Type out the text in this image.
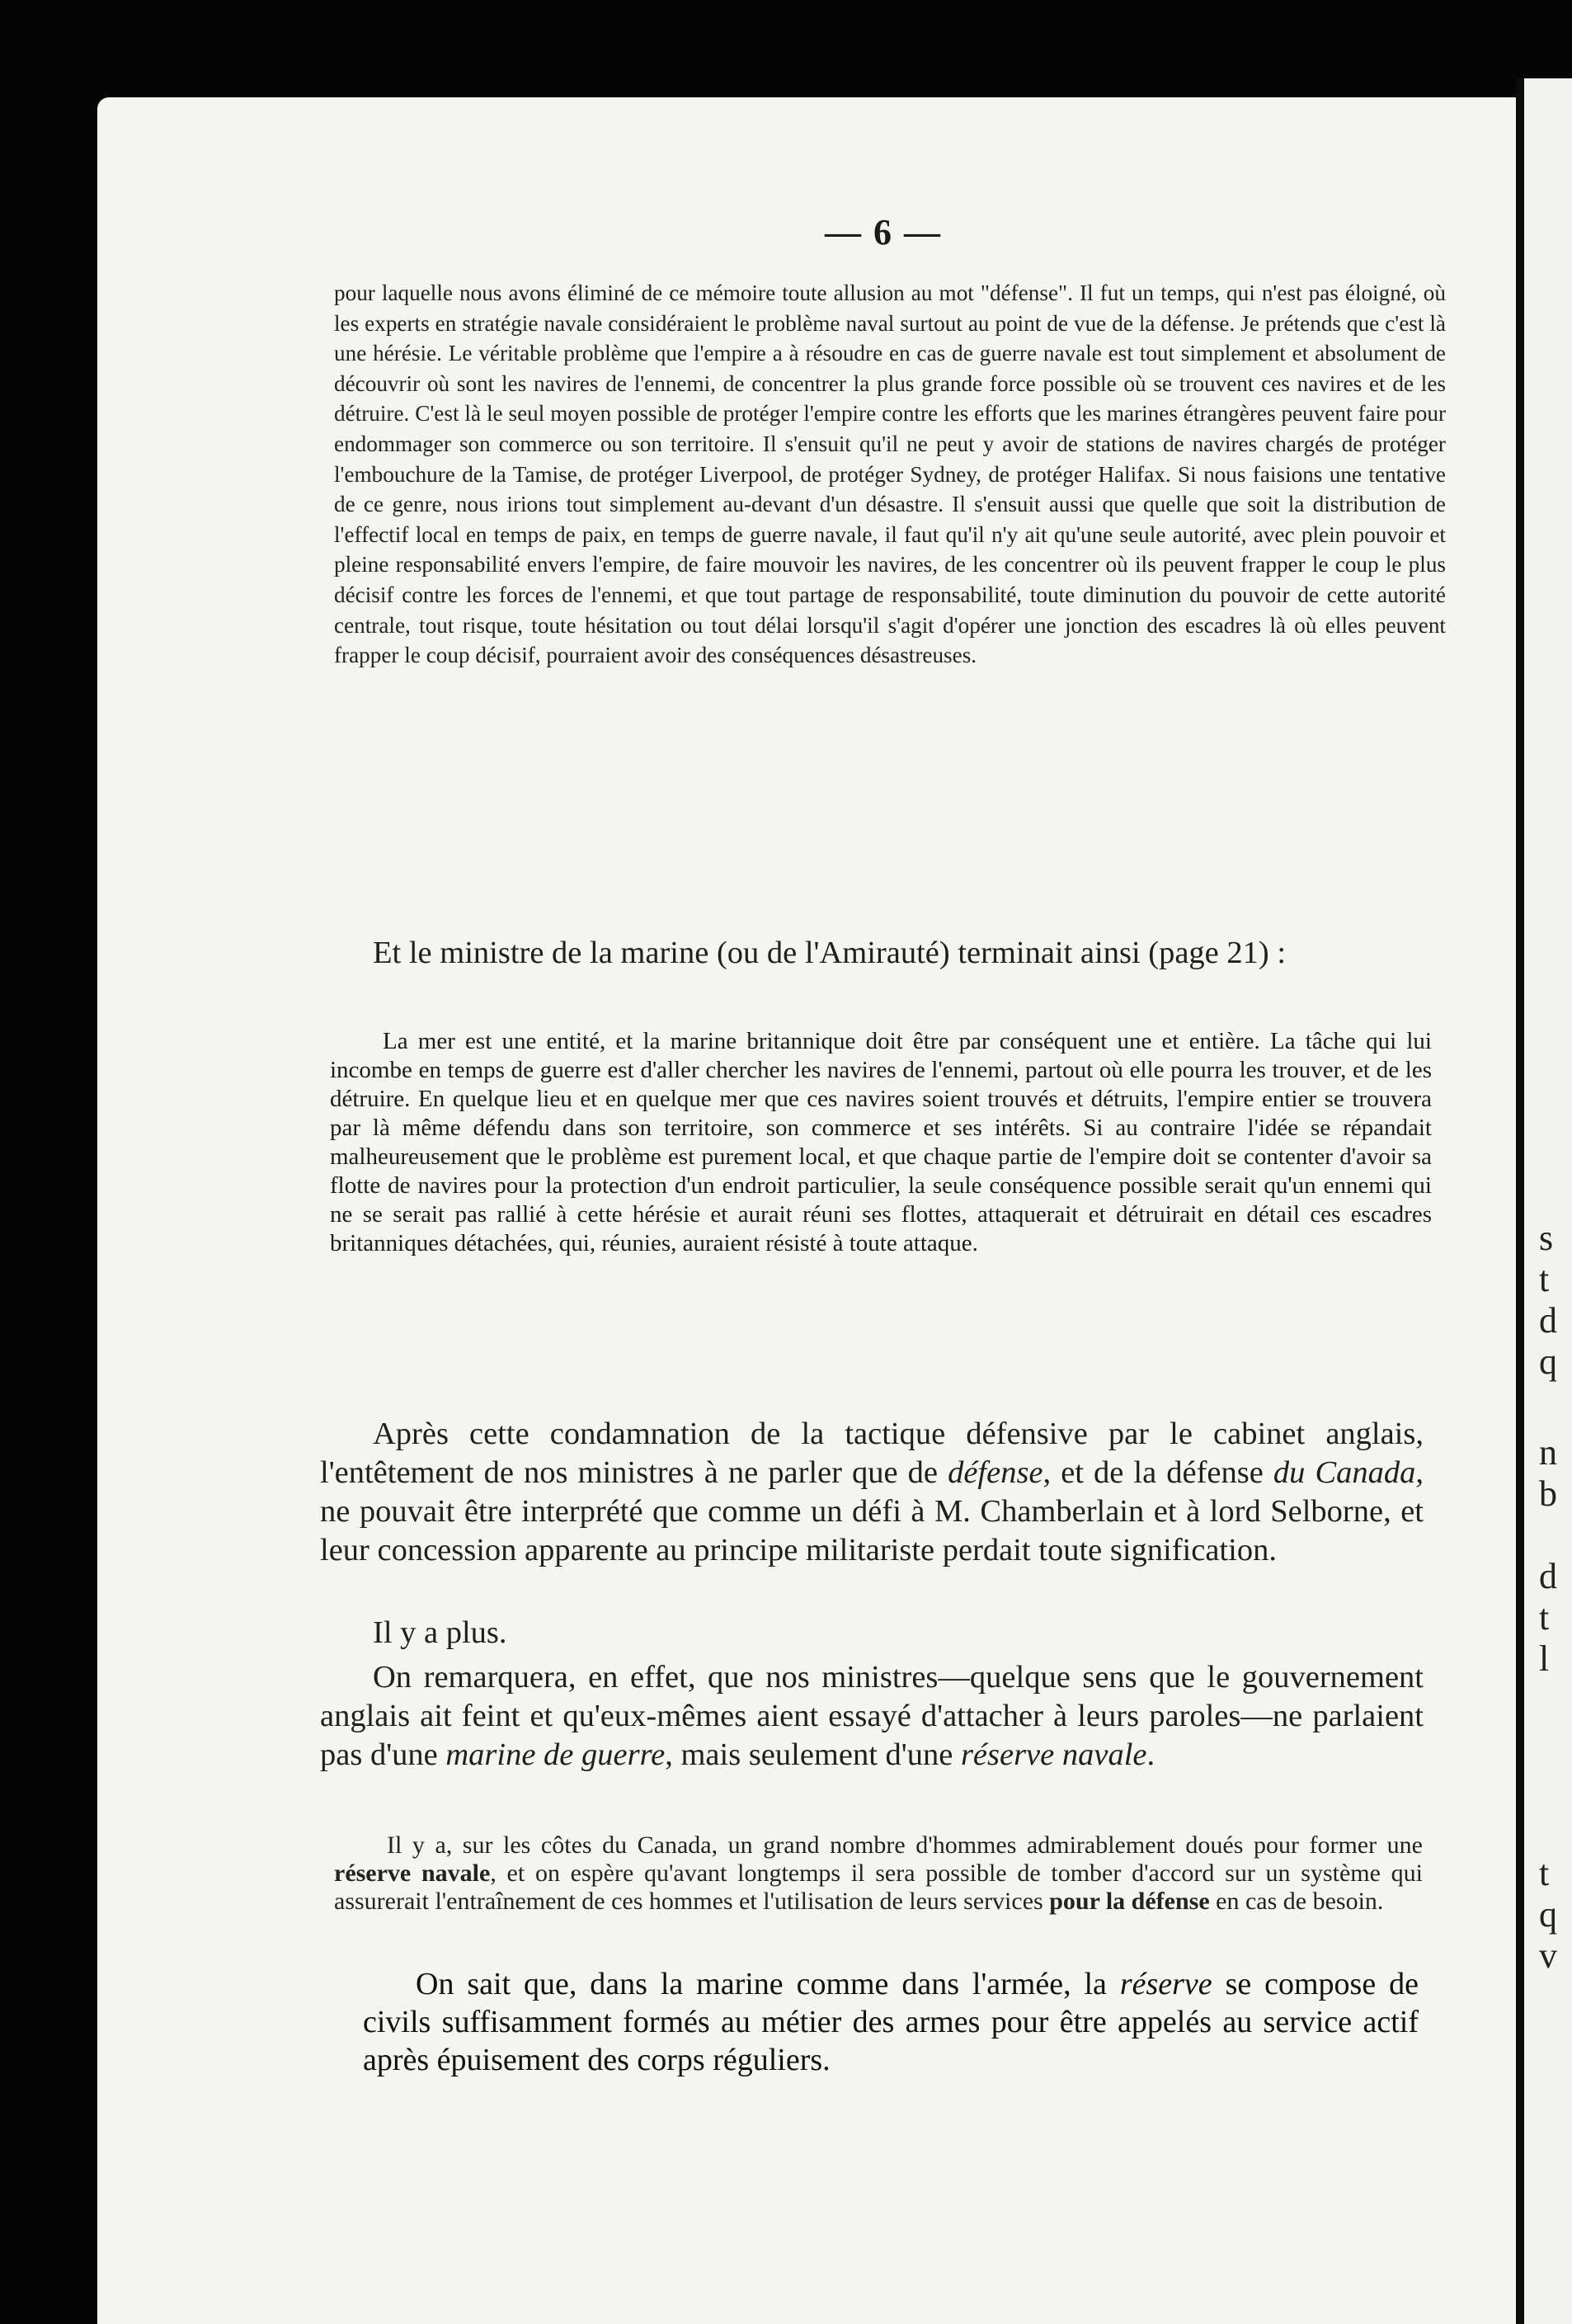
s
t
d
q
n
b
d
t
l
t
q
v
— 6 —

pour laquelle nous avons éliminé de ce mémoire toute allusion au mot "défense". Il fut un temps, qui n'est pas éloigné, où les experts en stratégie navale considéraient le problème naval surtout au point de vue de la défense. Je prétends que c'est là une hérésie. Le véritable problème que l'empire a à résoudre en cas de guerre navale est tout simplement et absolument de découvrir où sont les navires de l'ennemi, de concentrer la plus grande force possible où se trouvent ces navires et de les détruire. C'est là le seul moyen possible de protéger l'empire contre les efforts que les marines étrangères peuvent faire pour endommager son commerce ou son territoire. Il s'ensuit qu'il ne peut y avoir de stations de navires chargés de protéger l'embouchure de la Tamise, de protéger Liverpool, de protéger Sydney, de protéger Halifax. Si nous faisions une tentative de ce genre, nous irions tout simplement au-devant d'un désastre. Il s'ensuit aussi que quelle que soit la distribution de l'effectif local en temps de paix, en temps de guerre navale, il faut qu'il n'y ait qu'une seule autorité, avec plein pouvoir et pleine responsabilité envers l'empire, de faire mouvoir les navires, de les concentrer où ils peuvent frapper le coup le plus décisif contre les forces de l'ennemi, et que tout partage de responsabilité, toute diminution du pouvoir de cette autorité centrale, tout risque, toute hésitation ou tout délai lorsqu'il s'agit d'opérer une jonction des escadres là où elles peuvent frapper le coup décisif, pourraient avoir des conséquences désastreuses.

Et le ministre de la marine (ou de l'Amirauté) terminait ainsi (page 21) :

La mer est une entité, et la marine britannique doit être par conséquent une et entière. La tâche qui lui incombe en temps de guerre est d'aller chercher les navires de l'ennemi, partout où elle pourra les trouver, et de les détruire. En quelque lieu et en quelque mer que ces navires soient trouvés et détruits, l'empire entier se trouvera par là même défendu dans son territoire, son commerce et ses intérêts. Si au contraire l'idée se répandait malheureusement que le problème est purement local, et que chaque partie de l'empire doit se contenter d'avoir sa flotte de navires pour la protection d'un endroit particulier, la seule conséquence possible serait qu'un ennemi qui ne se serait pas rallié à cette hérésie et aurait réuni ses flottes, attaquerait et détruirait en détail ces escadres britanniques détachées, qui, réunies, auraient résisté à toute attaque.

Après cette condamnation de la tactique défensive par le cabinet anglais, l'entêtement de nos ministres à ne parler que de défense, et de la défense du Canada, ne pouvait être interprété que comme un défi à M. Chamberlain et à lord Selborne, et leur concession apparente au principe militariste perdait toute signification.

Il y a plus.

On remarquera, en effet, que nos ministres—quelque sens que le gouvernement anglais ait feint et qu'eux-mêmes aient essayé d'attacher à leurs paroles—ne parlaient pas d'une marine de guerre, mais seulement d'une réserve navale.

Il y a, sur les côtes du Canada, un grand nombre d'hommes admirablement doués pour former une réserve navale, et on espère qu'avant longtemps il sera possible de tomber d'accord sur un système qui assurerait l'entraînement de ces hommes et l'utilisation de leurs services pour la défense en cas de besoin.

On sait que, dans la marine comme dans l'armée, la réserve se compose de civils suffisamment formés au métier des armes pour être appelés au service actif après épuisement des corps réguliers.
